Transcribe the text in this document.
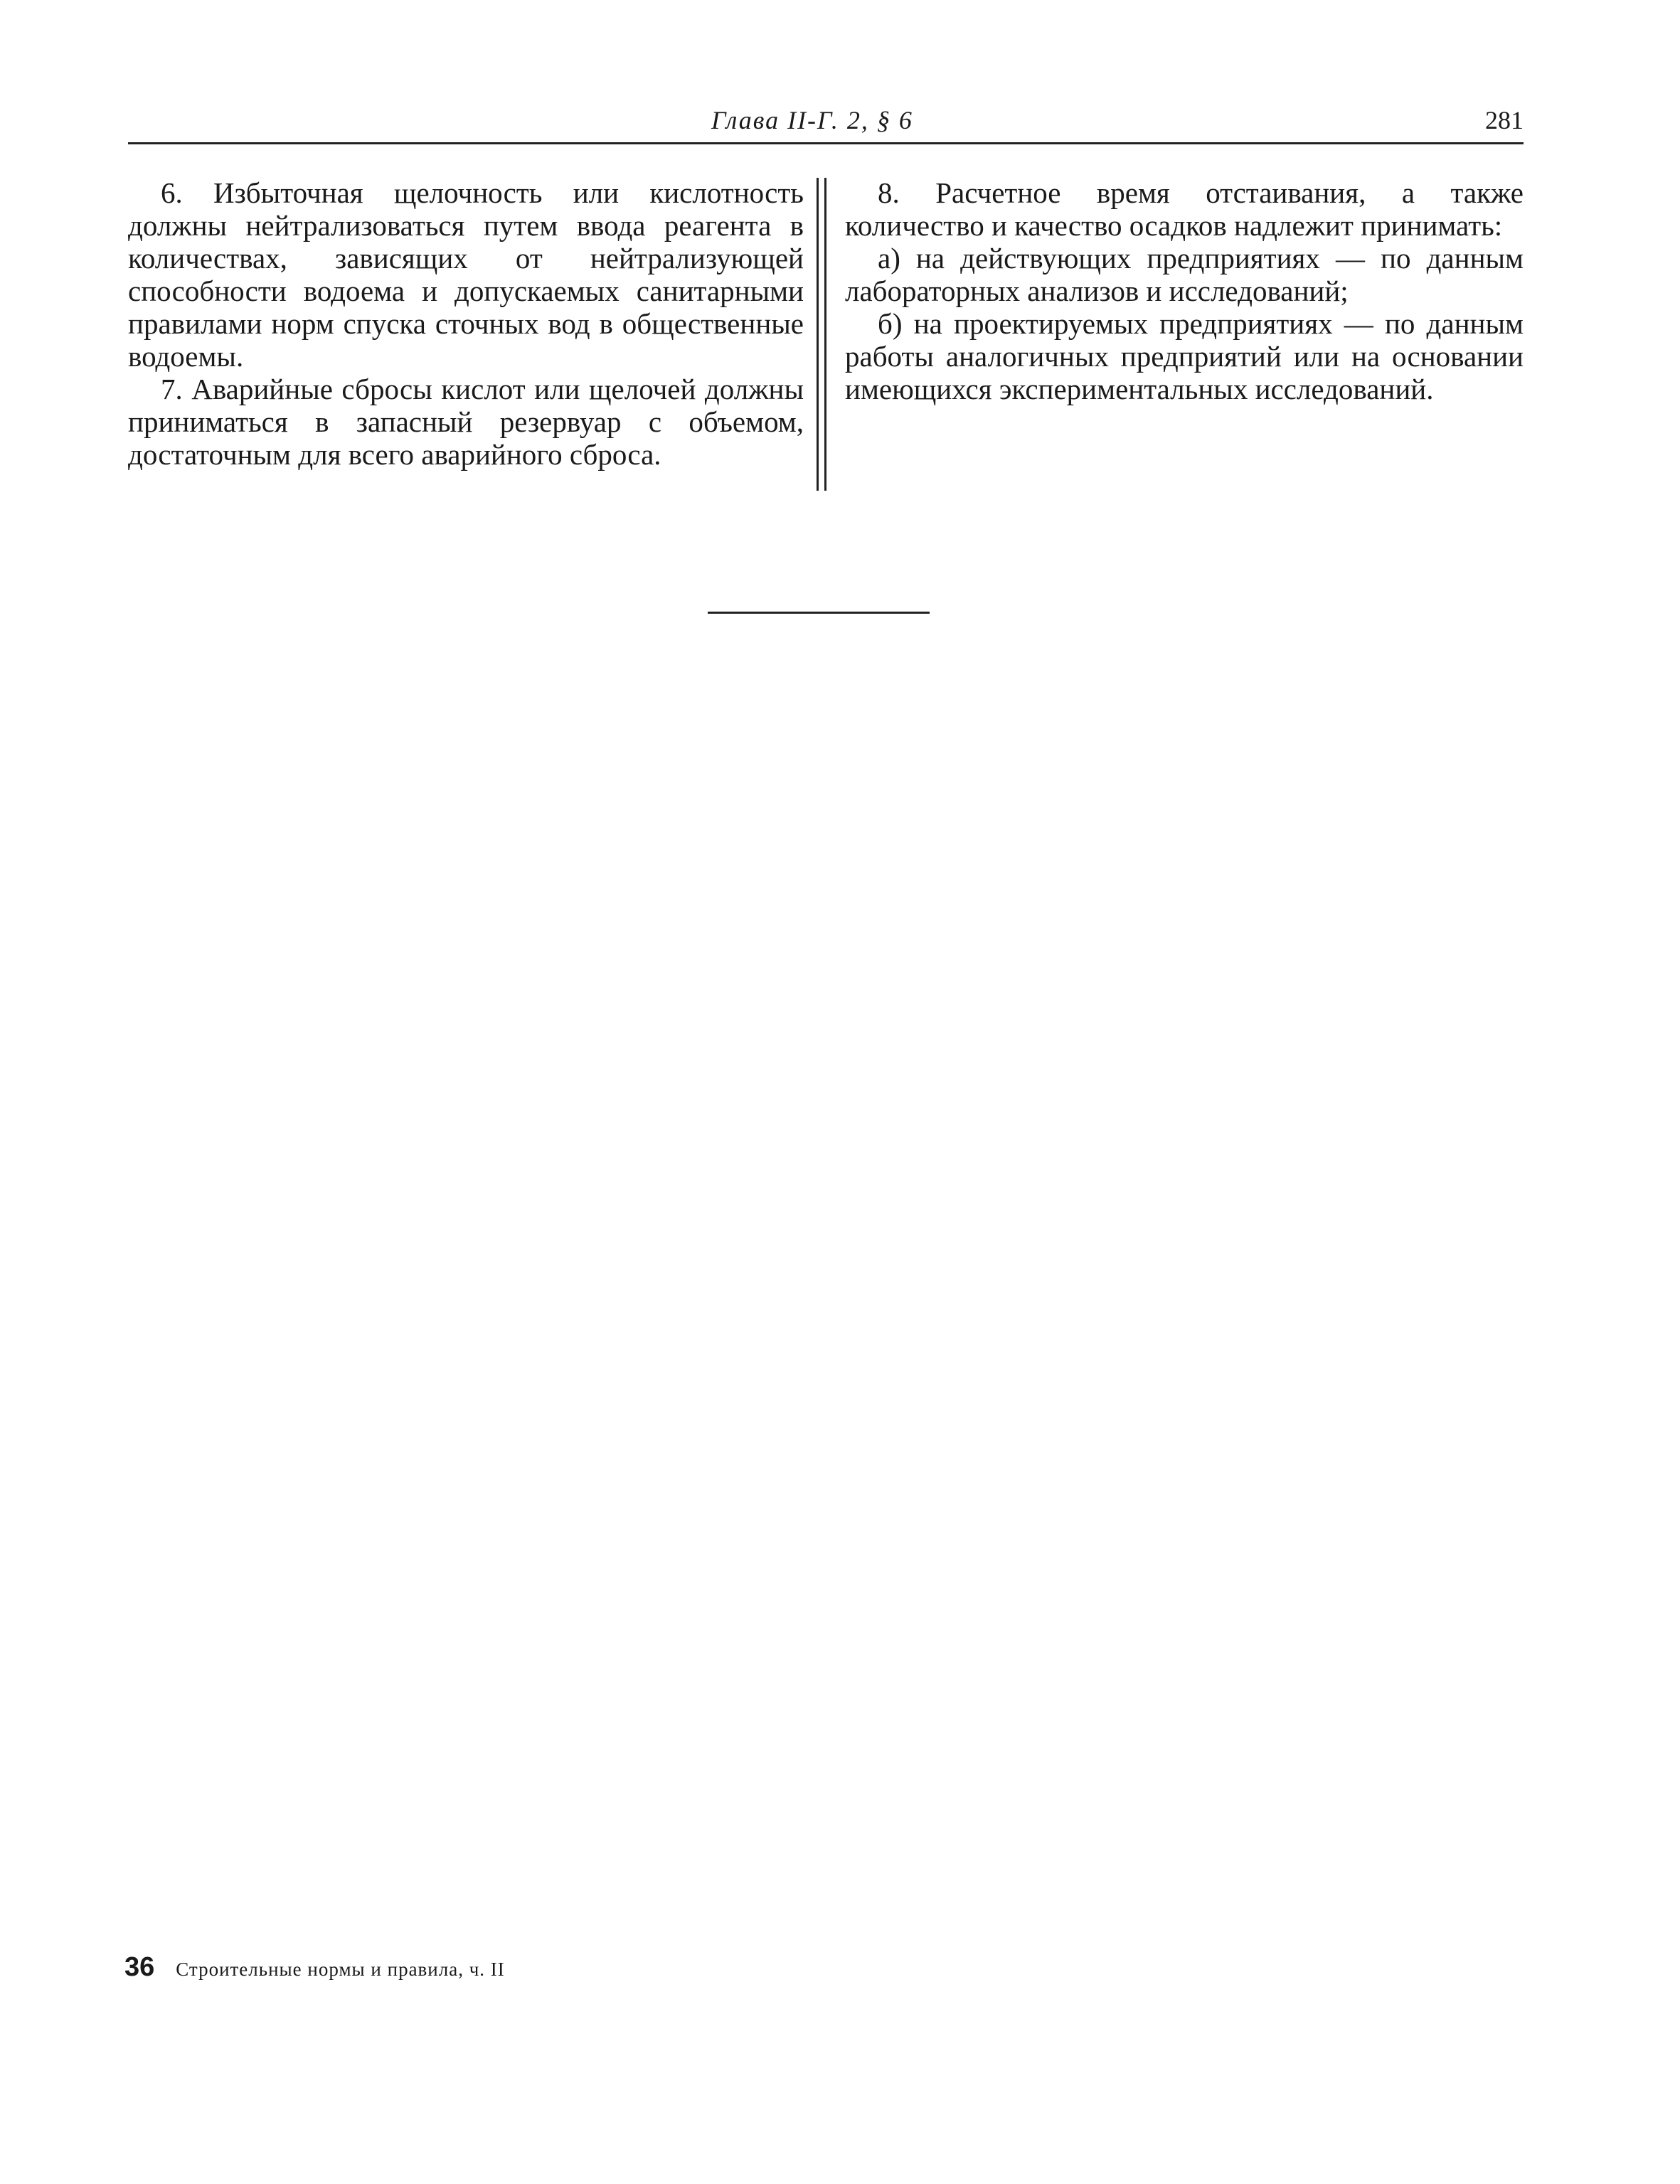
Глава II-Г. 2, § 6	281

6. Избыточная щелочность или кислотность должны нейтрализоваться путем ввода реагента в количествах, зависящих от нейтрализующей способности водоема и допускаемых санитарными правилами норм спуска сточных вод в общественные водоемы.

7. Аварийные сбросы кислот или щелочей должны приниматься в запасный резервуар с объемом, достаточным для всего аварийного сброса.

8. Расчетное время отстаивания, а также количество и качество осадков надлежит принимать:

а) на действующих предприятиях — по данным лабораторных анализов и исследований;

б) на проектируемых предприятиях — по данным работы аналогичных предприятий или на основании имеющихся экспериментальных исследований.

36 Строительные нормы и правила, ч. II
